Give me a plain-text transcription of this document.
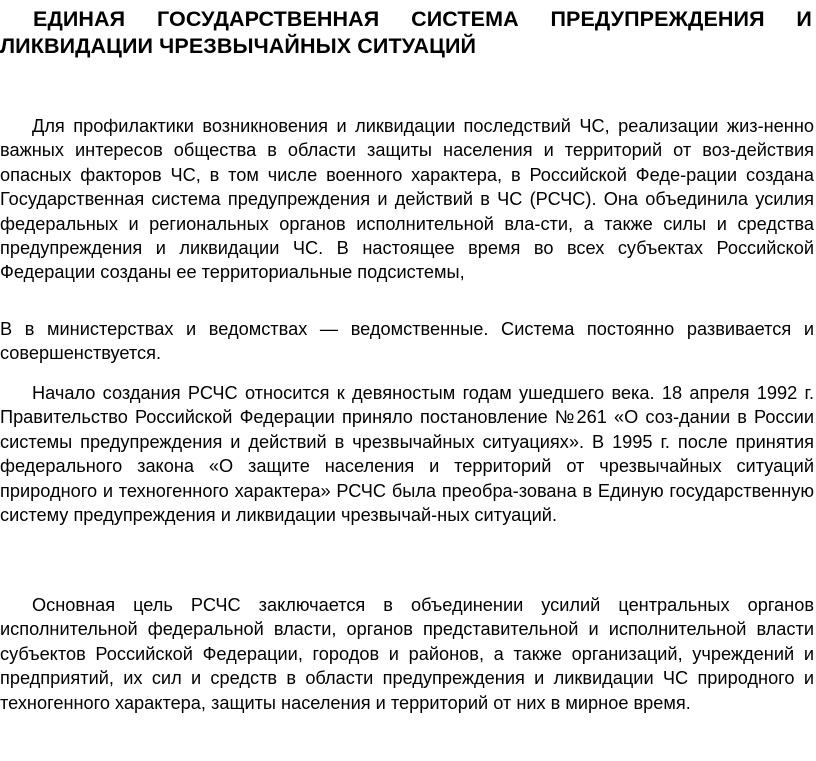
ЕДИНАЯ ГОСУДАРСТВЕННАЯ СИСТЕМА ПРЕДУПРЕЖДЕНИЯ И
ЛИКВИДАЦИИ ЧРЕЗВЫЧАЙНЫХ СИТУАЦИЙ

Для профилактики возникновения и ликвидации последствий ЧС, реализации жиз-ненно важных интересов общества в области защиты населения и территорий от воз-действия опасных факторов ЧС, в том числе военного характера, в Российской Феде-рации создана Государственная система предупреждения и действий в ЧС (РСЧС). Она объединила усилия федеральных и региональных органов исполнительной вла-сти, а также силы и средства предупреждения и ликвидации ЧС. В настоящее время во всех субъектах Российской Федерации созданы ее территориальные подсистемы,

В в министерствах и ведомствах — ведомственные. Система постоянно развивается и совершенствуется.

Начало создания РСЧС относится к девяностым годам ушедшего века. 18 апреля 1992 г. Правительство Российской Федерации приняло постановление №261 «О соз-дании в России системы предупреждения и действий в чрезвычайных ситуациях». В 1995 г. после принятия федерального закона «О защите населения и территорий от чрезвычайных ситуаций природного и техногенного характера» РСЧС была преобра-зована в Единую государственную систему предупреждения и ликвидации чрезвычай-ных ситуаций.

Основная цель РСЧС заключается в объединении усилий центральных органов исполнительной федеральной власти, органов представительной и исполнительной власти субъектов Российской Федерации, городов и районов, а также организаций, учреждений и предприятий, их сил и средств в области предупреждения и ликвидации ЧС природного и техногенного характера, защиты населения и территорий от них в мирное время.
